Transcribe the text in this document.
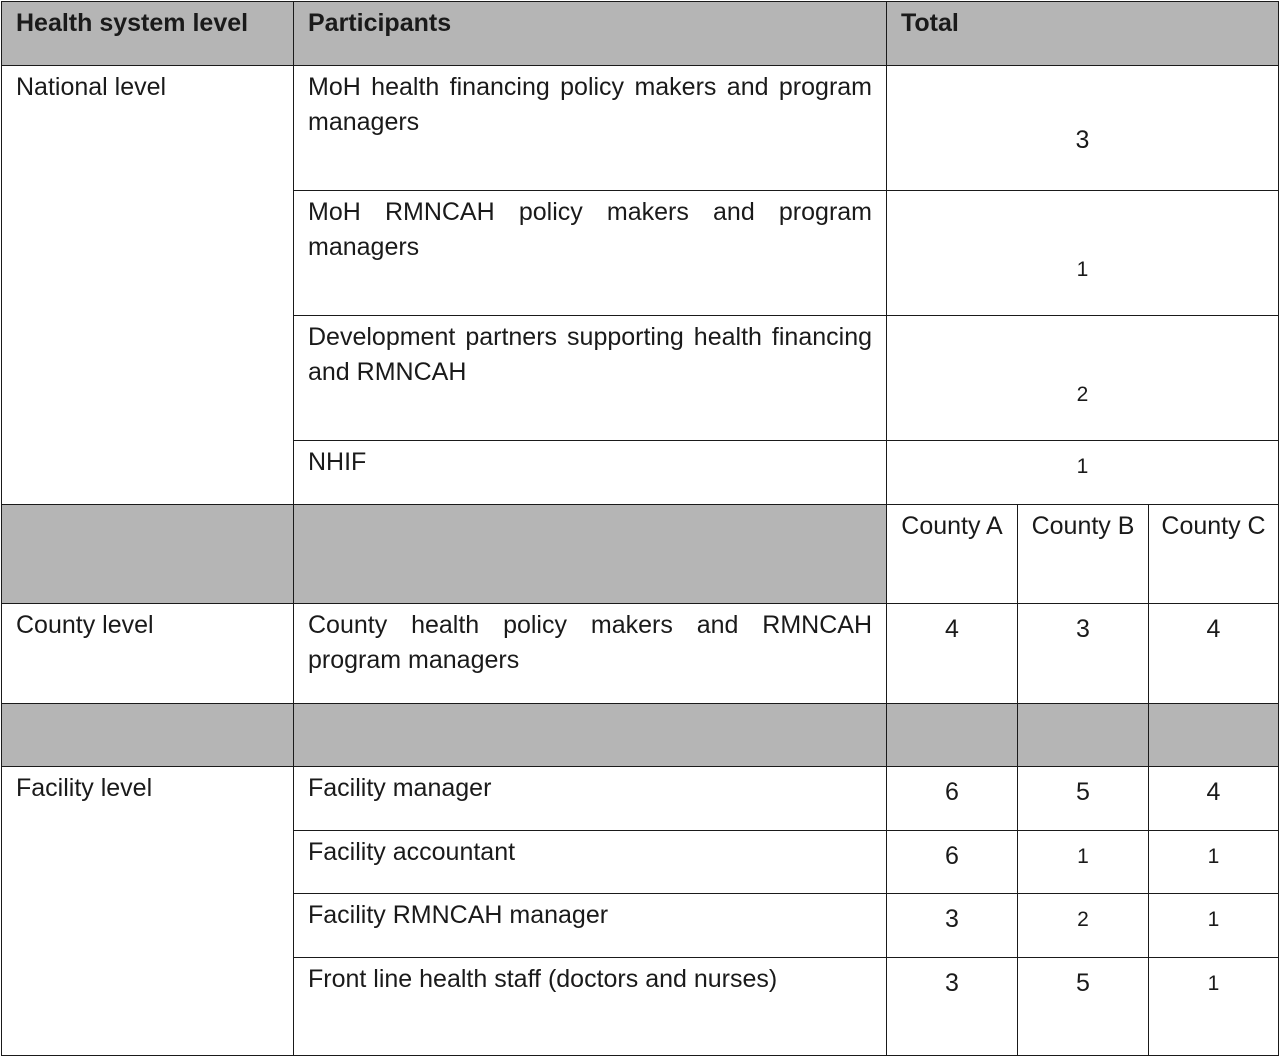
Health system level	Participants	Total		
National level	MoH health financing policy makers and program managers	3		
	MoH RMNCAH policy makers and program managers	1		
	Development partners supporting health financing and RMNCAH	2		
	NHIF	1		
		County A	County B	County C
County level	County health policy makers and RMNCAH program managers	4	3	4

Facility level	Facility manager	6	5	4
	Facility accountant	6	1	1
	Facility RMNCAH manager	3	2	1
	Front line health staff (doctors and nurses)	3	5	1
